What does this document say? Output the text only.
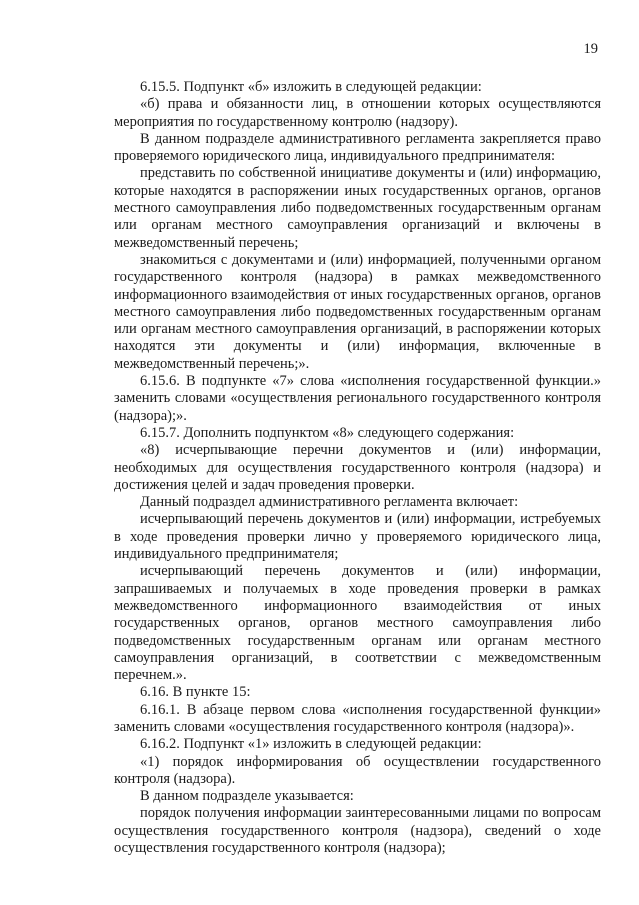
19

6.15.5. Подпункт «б» изложить в следующей редакции:

«б) права и обязанности лиц, в отношении которых осуществляются мероприятия по государственному контролю (надзору).

В данном подразделе административного регламента закрепляется право проверяемого юридического лица, индивидуального предпринимателя:

представить по собственной инициативе документы и (или) информацию, которые находятся в распоряжении иных государственных органов, органов местного самоуправления либо подведомственных государственным органам или органам местного самоуправления организаций и включены в межведомственный перечень;

знакомиться с документами и (или) информацией, полученными органом государственного контроля (надзора) в рамках межведомственного информационного взаимодействия от иных государственных органов, органов местного самоуправления либо подведомственных государственным органам или органам местного самоуправления организаций, в распоряжении которых находятся эти документы и (или) информация, включенные в межведомственный перечень;».

6.15.6. В подпункте «7» слова «исполнения государственной функции.» заменить словами «осуществления регионального государственного контроля (надзора);».

6.15.7. Дополнить подпунктом «8» следующего содержания:

«8) исчерпывающие перечни документов и (или) информации, необходимых для осуществления государственного контроля (надзора) и достижения целей и задач проведения проверки.

Данный подраздел административного регламента включает:

исчерпывающий перечень документов и (или) информации, истребуемых в ходе проведения проверки лично у проверяемого юридического лица, индивидуального предпринимателя;

исчерпывающий перечень документов и (или) информации, запрашиваемых и получаемых в ходе проведения проверки в рамках межведомственного информационного взаимодействия от иных государственных органов, органов местного самоуправления либо подведомственных государственным органам или органам местного самоуправления организаций, в соответствии с межведомственным перечнем.».

6.16. В пункте 15:

6.16.1. В абзаце первом слова «исполнения государственной функции» заменить словами «осуществления государственного контроля (надзора)».

6.16.2. Подпункт «1» изложить в следующей редакции:

«1) порядок информирования об осуществлении государственного контроля (надзора).

В данном подразделе указывается:

порядок получения информации заинтересованными лицами по вопросам осуществления государственного контроля (надзора), сведений о ходе осуществления государственного контроля (надзора);
